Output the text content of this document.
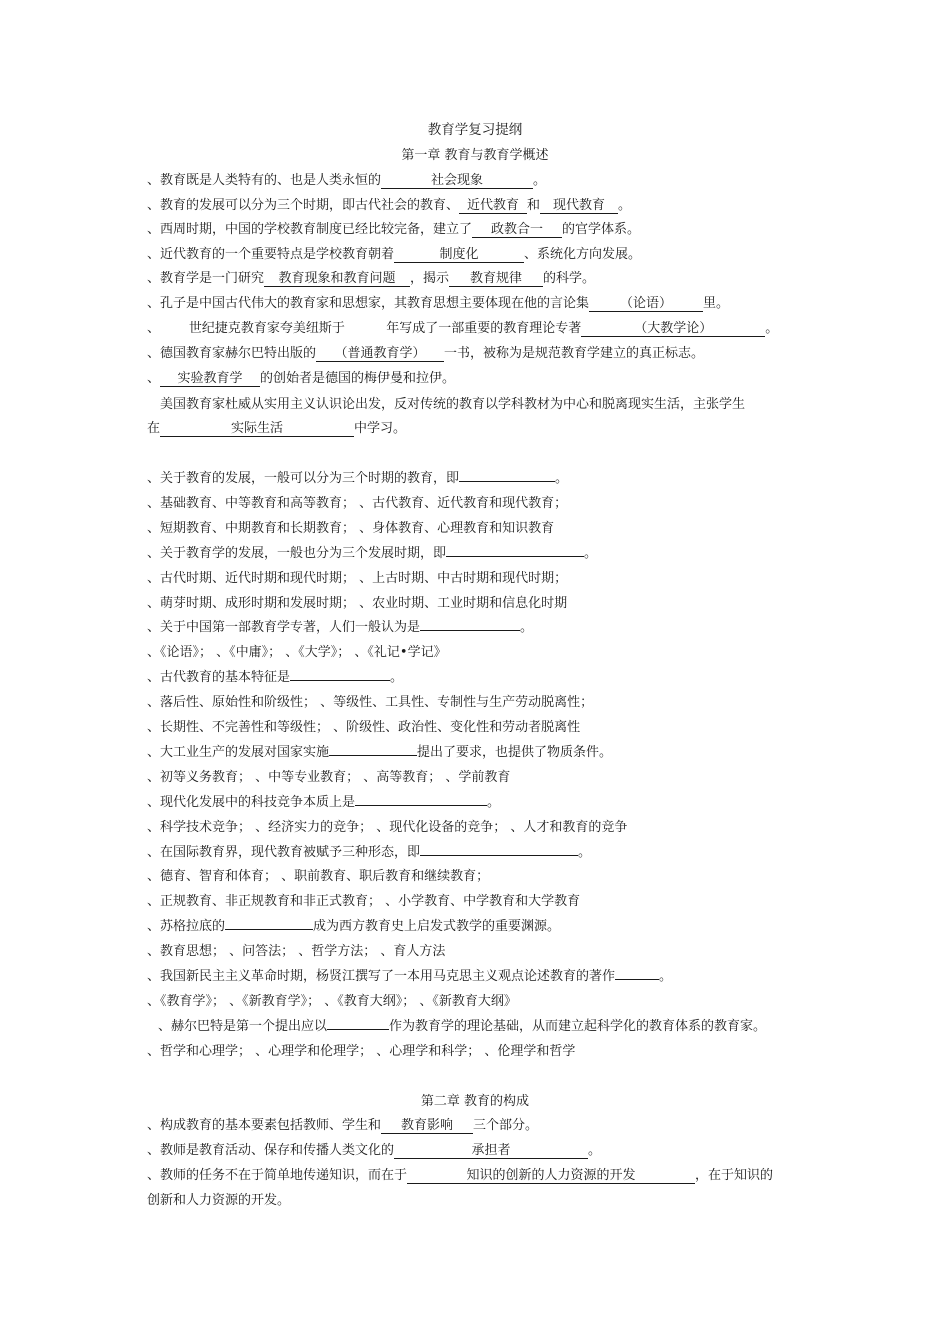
教育学复习提纲
第一章 教育与教育学概述
、教育既是人类特有的、也是人类永恒的	社会现象	。
、教育的发展可以分为三个时期，即古代社会的教育、 近代教育 和 现代教育 。
、西周时期，中国的学校教育制度已经比较完备，建立了 政教合一 的官学体系。
、近代教育的一个重要特点是学校教育朝着	制度化	、系统化方向发展。
、教育学是一门研究 教育现象和教育问题 ，揭示 教育规律 的科学。
、孔子是中国古代伟大的教育家和思想家，其教育思想主要体现在他的言论集 （论语） 里。
、       世纪捷克教育家夸美纽斯于          年写成了一部重要的教育理论专著	（大教学论）	。
、德国教育家赫尔巴特出版的 （普通教育学） 一书，被称为是规范教育学建立的真正标志。
、 实验教育学 的创始者是德国的梅伊曼和拉伊。
美国教育家杜威从实用主义认识论出发，反对传统的教育以学科教材为中心和脱离现实生活，主张学生
在	实际生活	中学习。
、关于教育的发展，一般可以分为三个时期的教育，即	。
、基础教育、中等教育和高等教育； 、古代教育、近代教育和现代教育；
、短期教育、中期教育和长期教育； 、身体教育、心理教育和知识教育
、关于教育学的发展，一般也分为三个发展时期，即	。
、古代时期、近代时期和现代时期； 、上古时期、中古时期和现代时期；
、萌芽时期、成形时期和发展时期； 、农业时期、工业时期和信息化时期
、关于中国第一部教育学专著，人们一般认为是	。
、《论语》； 、《中庸》； 、《大学》； 、《礼记•学记》
、古代教育的基本特征是	。
、落后性、原始性和阶级性； 、等级性、工具性、专制性与生产劳动脱离性；
、长期性、不完善性和等级性； 、阶级性、政治性、变化性和劳动者脱离性
、大工业生产的发展对国家实施	提出了要求，也提供了物质条件。
、初等义务教育； 、中等专业教育； 、高等教育； 、学前教育
、现代化发展中的科技竞争本质上是	。
、科学技术竞争； 、经济实力的竞争； 、现代化设备的竞争； 、人才和教育的竞争
、在国际教育界，现代教育被赋予三种形态，即	。
、德育、智育和体育； 、职前教育、职后教育和继续教育；
、正规教育、非正规教育和非正式教育； 、小学教育、中学教育和大学教育
、苏格拉底的	成为西方教育史上启发式教学的重要渊源。
、教育思想； 、问答法； 、哲学方法； 、育人方法
、我国新民主主义革命时期，杨贤江撰写了一本用马克思主义观点论述教育的著作	。
、《教育学》； 、《新教育学》； 、《教育大纲》； 、《新教育大纲》
、赫尔巴特是第一个提出应以	作为教育学的理论基础，从而建立起科学化的教育体系的教育家。
、哲学和心理学； 、心理学和伦理学； 、心理学和科学； 、伦理学和哲学
第二章 教育的构成
、构成教育的基本要素包括教师、学生和 教育影响 三个部分。
、教师是教育活动、保存和传播人类文化的	承担者	。
、教师的任务不在于简单地传递知识，而在于	知识的创新的人力资源的开发	，在于知识的
创新和人力资源的开发。
